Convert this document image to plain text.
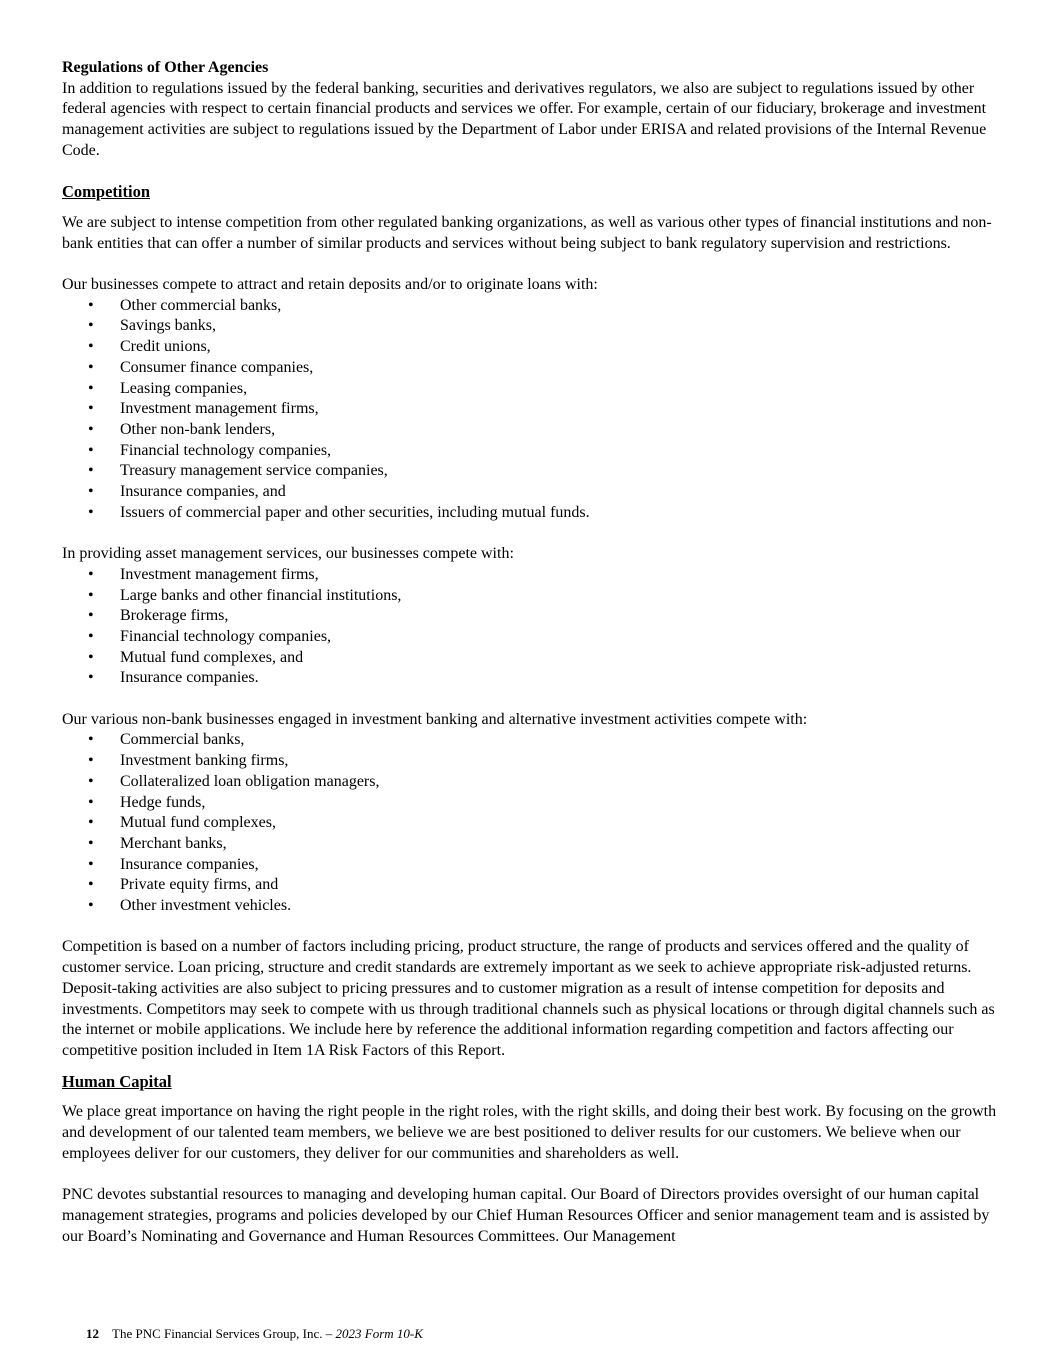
Regulations of Other Agencies

In addition to regulations issued by the federal banking, securities and derivatives regulators, we also are subject to regulations issued by other federal agencies with respect to certain financial products and services we offer. For example, certain of our fiduciary, brokerage and investment management activities are subject to regulations issued by the Department of Labor under ERISA and related provisions of the Internal Revenue Code.

Competition

We are subject to intense competition from other regulated banking organizations, as well as various other types of financial institutions and non-bank entities that can offer a number of similar products and services without being subject to bank regulatory supervision and restrictions.

Our businesses compete to attract and retain deposits and/or to originate loans with:

• Other commercial banks,
• Savings banks,
• Credit unions,
• Consumer finance companies,
• Leasing companies,
• Investment management firms,
• Other non-bank lenders,
• Financial technology companies,
• Treasury management service companies,
• Insurance companies, and
• Issuers of commercial paper and other securities, including mutual funds.

In providing asset management services, our businesses compete with:

• Investment management firms,
• Large banks and other financial institutions,
• Brokerage firms,
• Financial technology companies,
• Mutual fund complexes, and
• Insurance companies.

Our various non-bank businesses engaged in investment banking and alternative investment activities compete with:

• Commercial banks,
• Investment banking firms,
• Collateralized loan obligation managers,
• Hedge funds,
• Mutual fund complexes,
• Merchant banks,
• Insurance companies,
• Private equity firms, and
• Other investment vehicles.

Competition is based on a number of factors including pricing, product structure, the range of products and services offered and the quality of customer service. Loan pricing, structure and credit standards are extremely important as we seek to achieve appropriate risk-adjusted returns. Deposit-taking activities are also subject to pricing pressures and to customer migration as a result of intense competition for deposits and investments. Competitors may seek to compete with us through traditional channels such as physical locations or through digital channels such as the internet or mobile applications. We include here by reference the additional information regarding competition and factors affecting our competitive position included in Item 1A Risk Factors of this Report.

Human Capital

We place great importance on having the right people in the right roles, with the right skills, and doing their best work. By focusing on the growth and development of our talented team members, we believe we are best positioned to deliver results for our customers. We believe when our employees deliver for our customers, they deliver for our communities and shareholders as well.

PNC devotes substantial resources to managing and developing human capital. Our Board of Directors provides oversight of our human capital management strategies, programs and policies developed by our Chief Human Resources Officer and senior management team and is assisted by our Board’s Nominating and Governance and Human Resources Committees. Our Management

12 The PNC Financial Services Group, Inc. – 2023 Form 10-K
